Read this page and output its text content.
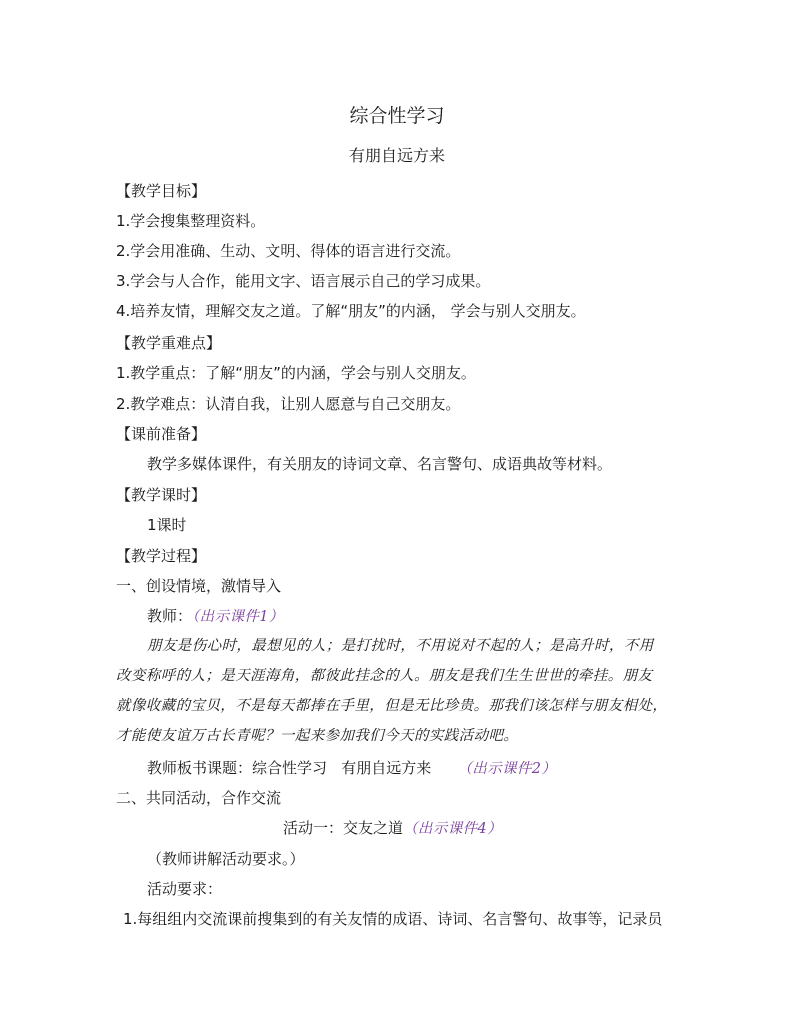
综合性学习
有朋自远方来
【教学目标】
1.学会搜集整理资料。
2.学会用准确、生动、文明、得体的语言进行交流。
3.学会与人合作，能用文字、语言展示自己的学习成果。
4.培养友情，理解交友之道。了解“朋友”的内涵， 学会与别人交朋友。
【教学重难点】
1.教学重点：了解“朋友”的内涵，学会与别人交朋友。
2.教学难点：认清自我，让别人愿意与自己交朋友。
【课前准备】
教学多媒体课件，有关朋友的诗词文章、名言警句、成语典故等材料。
【教学课时】
1课时
【教学过程】
一、创设情境，激情导入
教师：（出示课件1）
朋友是伤心时，最想见的人；是打扰时，不用说对不起的人；是高升时，不用
改变称呼的人；是天涯海角，都彼此挂念的人。朋友是我们生生世世的牵挂。朋友
就像收藏的宝贝，不是每天都捧在手里，但是无比珍贵。那我们该怎样与朋友相处，
才能使友谊万古长青呢？一起来参加我们今天的实践活动吧。
教师板书课题：综合性学习   有朋自远方来 （出示课件2）
二、共同活动，合作交流
活动一：交友之道（出示课件4）
（教师讲解活动要求。）
活动要求：
1.每组组内交流课前搜集到的有关友情的成语、诗词、名言警句、故事等，记录员
